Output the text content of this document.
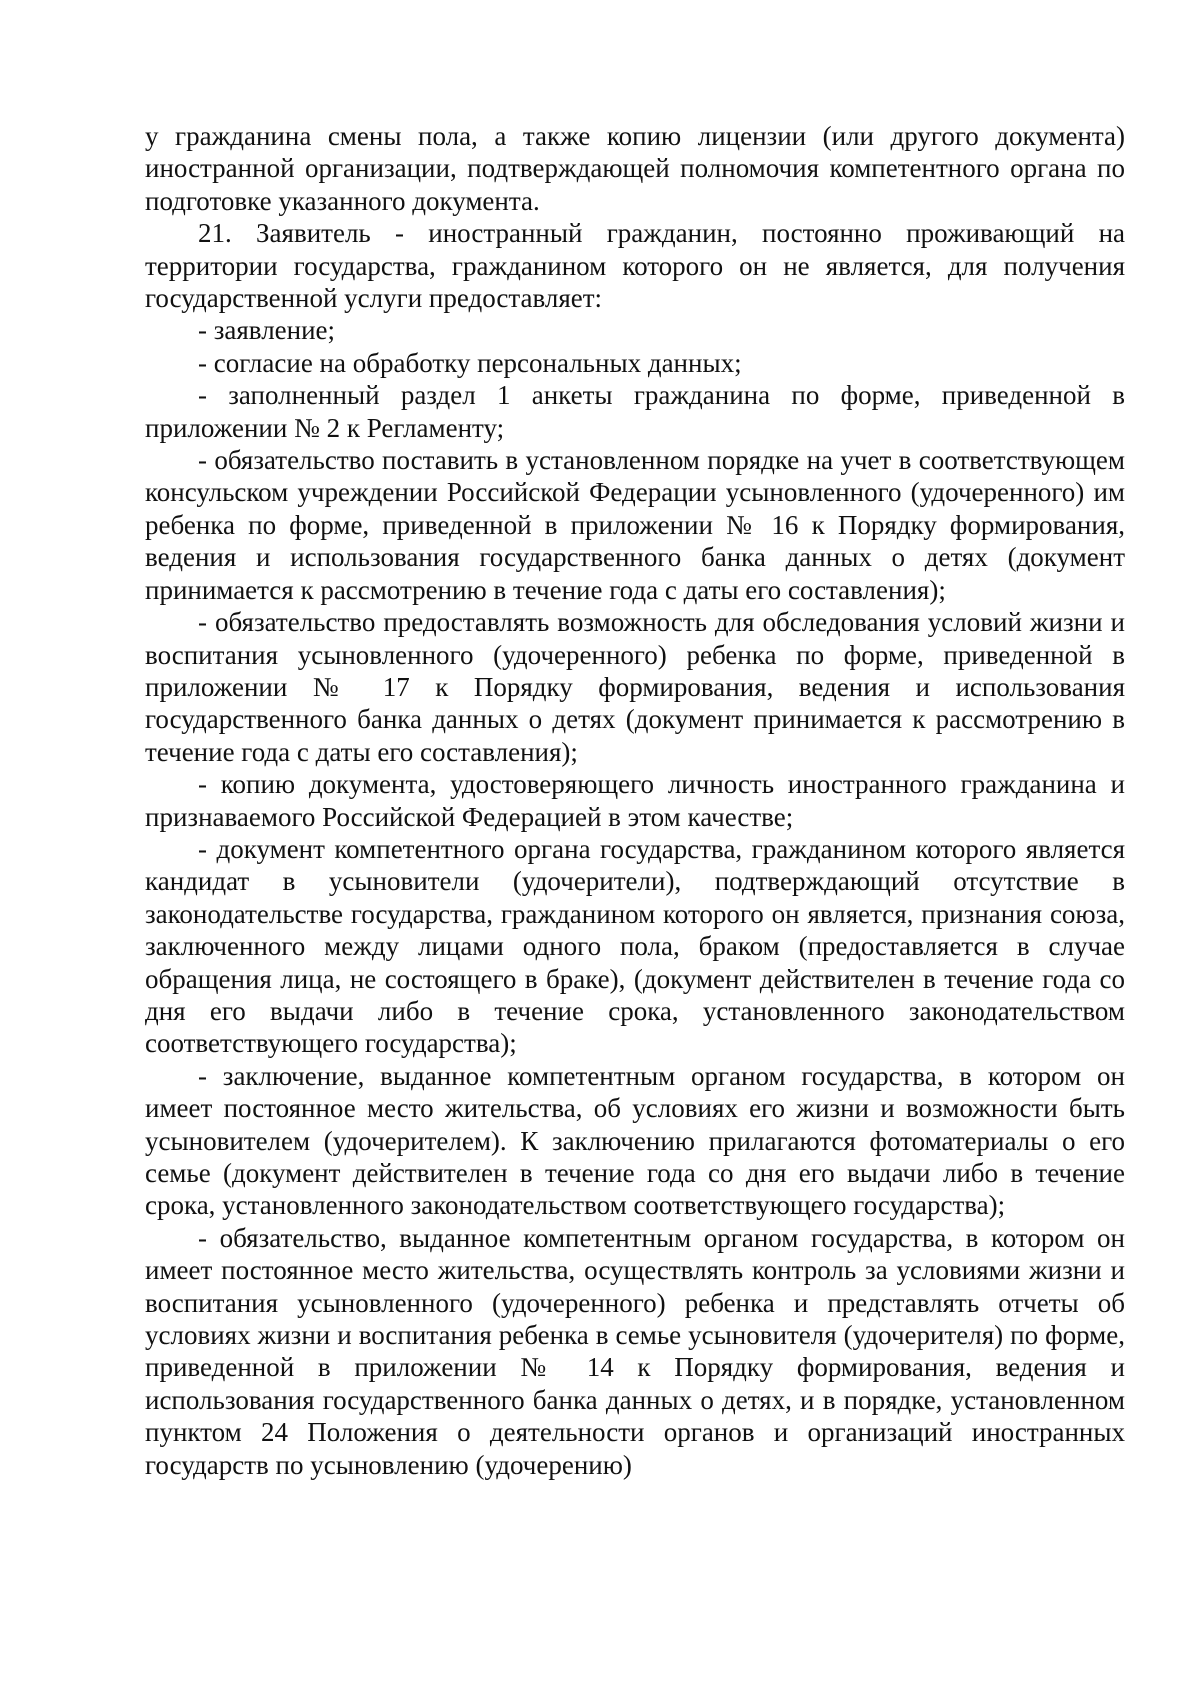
у гражданина смены пола, а также копию лицензии (или другого документа) иностранной организации, подтверждающей полномочия компетентного органа по подготовке указанного документа.

21. Заявитель - иностранный гражданин, постоянно проживающий на территории государства, гражданином которого он не является, для получения государственной услуги предоставляет:

- заявление;

- согласие на обработку персональных данных;

- заполненный раздел 1 анкеты гражданина по форме, приведенной в приложении № 2 к Регламенту;

- обязательство поставить в установленном порядке на учет в соответствующем консульском учреждении Российской Федерации усыновленного (удочеренного) им ребенка по форме, приведенной в приложении № 16 к Порядку формирования, ведения и использования государственного банка данных о детях (документ принимается к рассмотрению в течение года с даты его составления);

- обязательство предоставлять возможность для обследования условий жизни и воспитания усыновленного (удочеренного) ребенка по форме, приведенной в приложении № 17 к Порядку формирования, ведения и использования государственного банка данных о детях (документ принимается к рассмотрению в течение года с даты его составления);

- копию документа, удостоверяющего личность иностранного гражданина и признаваемого Российской Федерацией в этом качестве;

- документ компетентного органа государства, гражданином которого является кандидат в усыновители (удочерители), подтверждающий отсутствие в законодательстве государства, гражданином которого он является, признания союза, заключенного между лицами одного пола, браком (предоставляется в случае обращения лица, не состоящего в браке), (документ действителен в течение года со дня его выдачи либо в течение срока, установленного законодательством соответствующего государства);

- заключение, выданное компетентным органом государства, в котором он имеет постоянное место жительства, об условиях его жизни и возможности быть усыновителем (удочерителем). К заключению прилагаются фотоматериалы о его семье (документ действителен в течение года со дня его выдачи либо в течение срока, установленного законодательством соответствующего государства);

- обязательство, выданное компетентным органом государства, в котором он имеет постоянное место жительства, осуществлять контроль за условиями жизни и воспитания усыновленного (удочеренного) ребенка и представлять отчеты об условиях жизни и воспитания ребенка в семье усыновителя (удочерителя) по форме, приведенной в приложении № 14 к Порядку формирования, ведения и использования государственного банка данных о детях, и в порядке, установленном пунктом 24 Положения о деятельности органов и организаций иностранных государств по усыновлению (удочерению)
